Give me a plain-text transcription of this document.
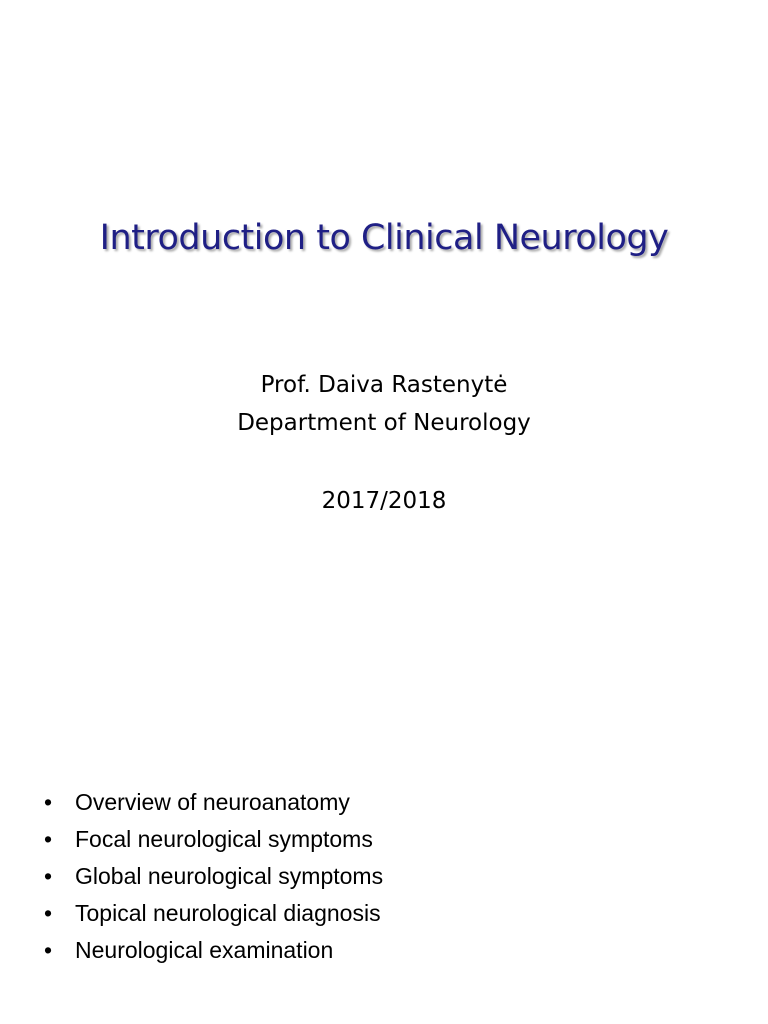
Introduction to Clinical Neurology
Prof. Daiva Rastenytė
Department of Neurology
2017/2018
• Overview of neuroanatomy
• Focal neurological symptoms
• Global neurological symptoms
• Topical neurological diagnosis
• Neurological examination
